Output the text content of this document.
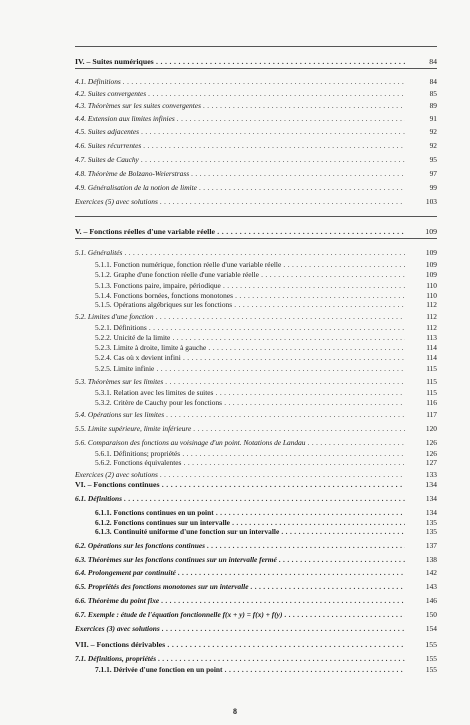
IV. – Suites numériques . . .	84
4.1. Définitions . . .	84
4.2. Suites convergentes . . .	85
4.3. Théorèmes sur les suites convergentes . . .	89
4.4. Extension aux limites infinies . . .	91
4.5. Suites adjacentes . . .	92
4.6. Suites récurrentes . . .	92
4.7. Suites de Cauchy . . .	95
4.8. Théorème de Bolzano-Weierstrass . . .	97
4.9. Généralisation de la notion de limite . . .	99
Exercices (5) avec solutions . . .	103
V. – Fonctions réelles d'une variable réelle . . .	109
5.1. Généralités . . .	109
5.1.1. Fonction numérique, fonction réelle d'une variable réelle . . .	109
5.1.2. Graphe d'une fonction réelle d'une variable réelle . . .	109
5.1.3. Fonctions paire, impaire, périodique . . .	110
5.1.4. Fonctions bornées, fonctions monotones . . .	110
5.1.5. Opérations algébriques sur les fonctions . . .	112
5.2. Limites d'une fonction . . .	112
5.2.1. Définitions . . .	112
5.2.2. Unicité de la limite . . .	113
5.2.3. Limite à droite, limite à gauche . . .	114
5.2.4. Cas où x devient infini . . .	114
5.2.5. Limite infinie . . .	115
5.3. Théorèmes sur les limites . . .	115
5.3.1. Relation avec les limites de suites . . .	115
5.3.2. Critère de Cauchy pour les fonctions . . .	116
5.4. Opérations sur les limites . . .	117
5.5. Limite supérieure, limite inférieure . . .	120
5.6. Comparaison des fonctions au voisinage d'un point. Notations de Landau . . .	126
5.6.1. Définitions; propriétés . . .	126
5.6.2. Fonctions équivalentes . . .	127
Exercices (2) avec solutions . . .	133
VI. – Fonctions continues . . .	134
6.1. Définitions . . .	134
6.1.1. Fonctions continues en un point . . .	134
6.1.2. Fonctions continues sur un intervalle . . .	135
6.1.3. Continuité uniforme d'une fonction sur un intervalle . . .	135
6.2. Opérations sur les fonctions continues . . .	137
6.3. Théorèmes sur les fonctions continues sur un intervalle fermé . . .	138
6.4. Prolongement par continuité . . .	142
6.5. Propriétés des fonctions monotones sur un intervalle . . .	143
6.6. Théorème du point fixe . . .	146
6.7. Exemple : étude de l'équation fonctionnelle f(x + y) = f(x) + f(y) . . .	150
Exercices (3) avec solutions . . .	154
VII. – Fonctions dérivables . . .	155
7.1. Définitions, propriétés . . .	155
7.1.1. Dérivée d'une fonction en un point . . .	155
8
